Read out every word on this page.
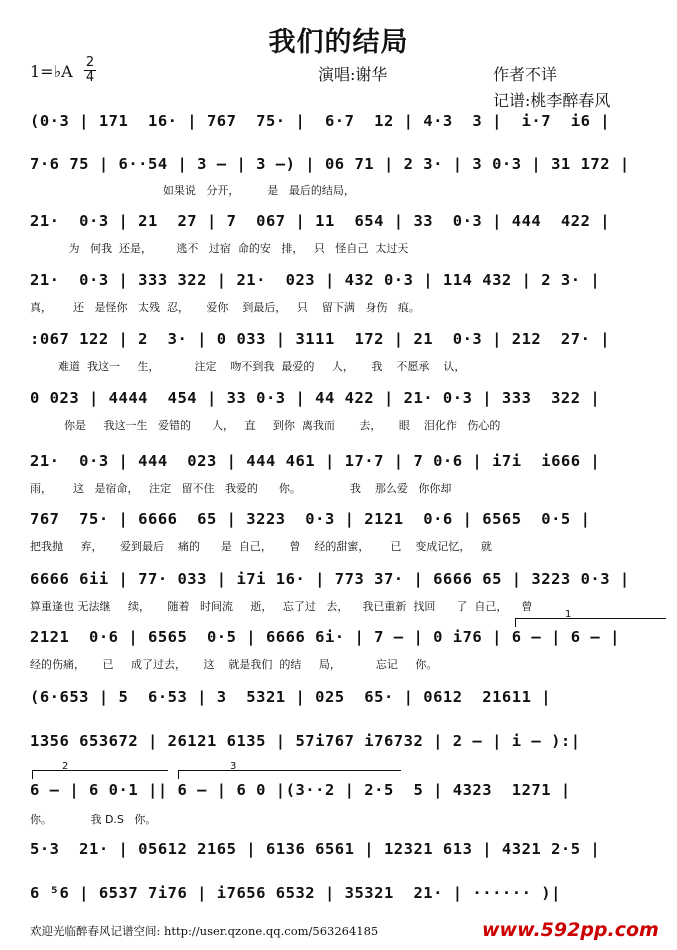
我们的结局
1=♭A 2
4	演唱:谢华	作者不详
记谱:桃李醉春风
(0·3 | 171  16· | 767  75· |  6·7  12 | 4·3  3 |  i·7  i6 |
7·6 75 | 6··54 | 3 – | 3 –) | 06 71 | 2 3· | 3 0·3 | 31 172 |
如果说   分开，        是   最后的结局，
21·  0·3 | 21  27 | 7  067 | 11  654 | 33  0·3 | 444  422 |
为   何我  还是，       逃不   过宿  命的安   排，   只   怪自己  太过天
21·  0·3 | 333 322 | 21·  023 | 432 0·3 | 114 432 | 2 3· |
真，      还   是怪你   太残  忍，     爱你    到最后，   只    留下满   身伤   痕。
:067 122 | 2  3· | 0 033 | 3111  172 | 21  0·3 | 212  27· |
难道  我这一     生，          注定    吻不到我  最爱的     人，     我    不愿承    认，
0 023 | 4444  454 | 33 0·3 | 44 422 | 21· 0·3 | 333  322 |
你是     我这一生   爱错的      人，   直     到你  离我而       去，     眼    泪化作   伤心的
21·  0·3 | 444  023 | 444 461 | 17·7 | 7 0·6 | i7i  i666 |
雨，      这   是宿命，   注定   留不住   我爱的      你。              我    那么爱   你你却
767  75· | 6666  65 | 3223  0·3 | 2121  0·6 | 6565  0·5 |
把我抛     弃，     爱到最后    痛的      是  自己，     曾    经的甜蜜，      已    变成记忆，   就
6666 6ii | 77· 033 | i7i 16· | 773 37· | 6666 65 | 3223 0·3 |
算重逢也 无法继     续，     随着   时间流     逝，   忘了过   去，    我已重新  找回      了  自己，    曾
1
2121  0·6 | 6565  0·5 | 6666 6i· | 7 – | 0 i76 | 6 – | 6 – |
经的伤痛，     已     成了过去，     这    就是我们  的结     局，          忘记     你。
(6·653 | 5  6·53 | 3  5321 | 025  65· | 0612  21611 |
1356 653672 | 26121 6135 | 57i767 i76732 | 2 – | i – ):|
2	3
6 – | 6 0·1 || 6 – | 6 0 |(3··2 | 2·5  5 | 4323  1271 |
你。           我 D.S   你。
5·3  21· | 05612 2165 | 6136 6561 | 12321 613 | 4321 2·5 |
6 ⁵6 | 6537 7i76 | i7656 6532 | 35321  21· | ······ )|
欢迎光临醉春风记谱空间: http://user.qzone.qq.com/563264185	www.592pp.com
